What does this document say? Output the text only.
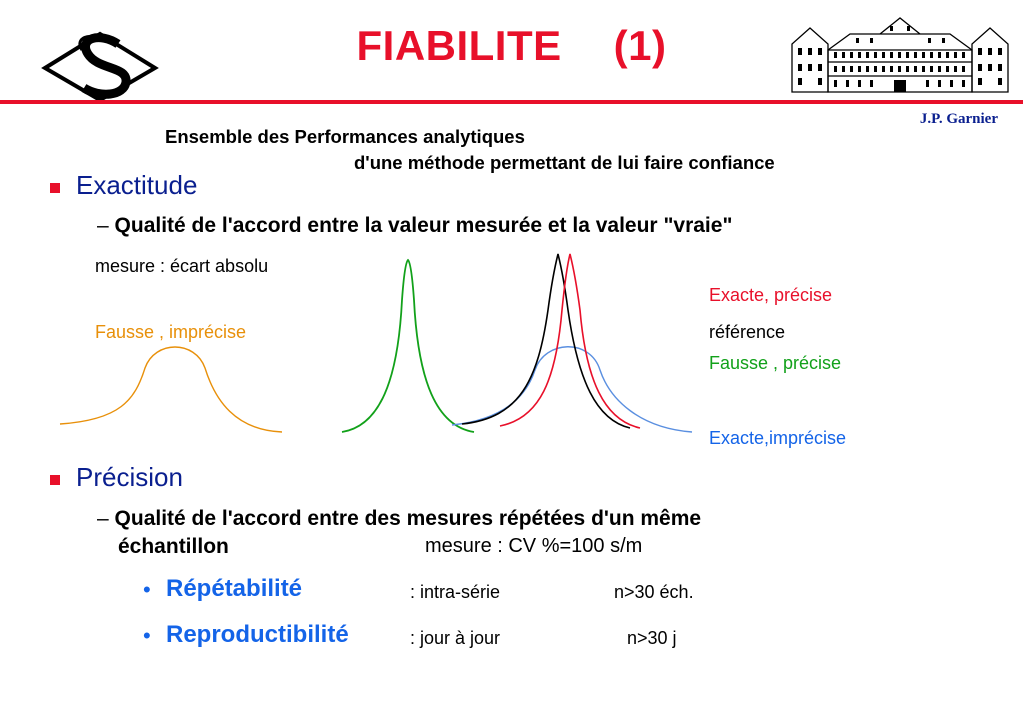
FIABILITE (1)
J.P. Garnier
Ensemble des Performances analytiques
d'une méthode permettant de lui faire confiance
Exactitude
– Qualité de l'accord entre la valeur mesurée et la valeur "vraie"
mesure : écart absolu
Fausse , imprécise
Exacte, précise
référence
Fausse , précise
Exacte,imprécise
Précision
– Qualité de l'accord entre des mesures répétées d'un même
échantillon	mesure : CV %=100 s/m
• Répétabilité	: intra-série	n>30 éch.
• Reproductibilité	: jour à jour	n>30 j
